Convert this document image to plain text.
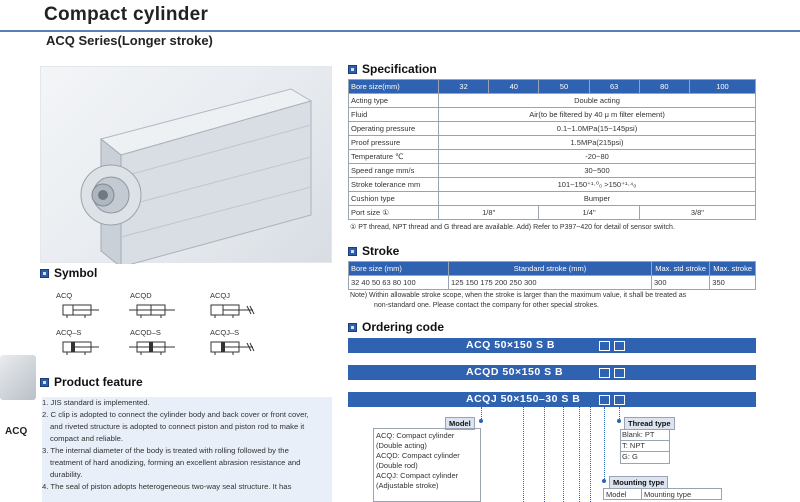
Compact cylinder
ACQ Series(Longer stroke)
Symbol
ACQ	ACQD	ACQJ
ACQ–S	ACQD–S	ACQJ–S
ACQ
Product feature
1. JIS standard is implemented.
2. C clip is adopted to connect the cylinder body and back cover or front cover,
and riveted structure is adopted to connect piston and piston rod to make it
compact and reliable.
3. The internal diameter of the body is treated with rolling followed by the
treatment of hard anodizing, forming an excellent abrasion resistance and
durability.
4. The seal of piston adopts heterogeneous two-way seal structure. It has
Specification
Bore size(mm)	32	40	50	63	80	100
Acting type	Double acting					
Fluid	Air(to be filtered by 40 μ m filter element)					
Operating pressure	0.1~1.0MPa(15~145psi)					
Proof pressure	1.5MPa(215psi)					
Temperature ℃	-20~80					
Speed range mm/s	30~500					
Stroke tolerance mm	101~150⁺¹·⁰₀ >150⁺¹·⁴₀					
Cushion type	Bumper					
Port size ①	1/8"		1/4"		3/8"	
① PT thread, NPT thread and G thread are available. Add) Refer to P397~420 for detail of sensor switch.
Stroke
Bore size (mm)	Standard stroke (mm)	Max. std stroke	Max. stroke
32 40 50 63 80 100	125 150 175 200 250 300	300	350
Note) Within allowable stroke scope, when the stroke is larger than the maximum value, it shall be treated as
non-standard one. Please contact the company for other special strokes.
Ordering code
ACQ 50×150 S B
ACQD 50×150 S B
ACQJ 50×150–30 S B
Model
ACQ: Compact cylinder
(Double acting)
ACQD: Compact cylinder
(Double rod)
ACQJ: Compact cylinder
(Adjustable stroke)
Thread type
Blank: PT
T: NPT
G: G
Mounting type
Model	Mounting type
